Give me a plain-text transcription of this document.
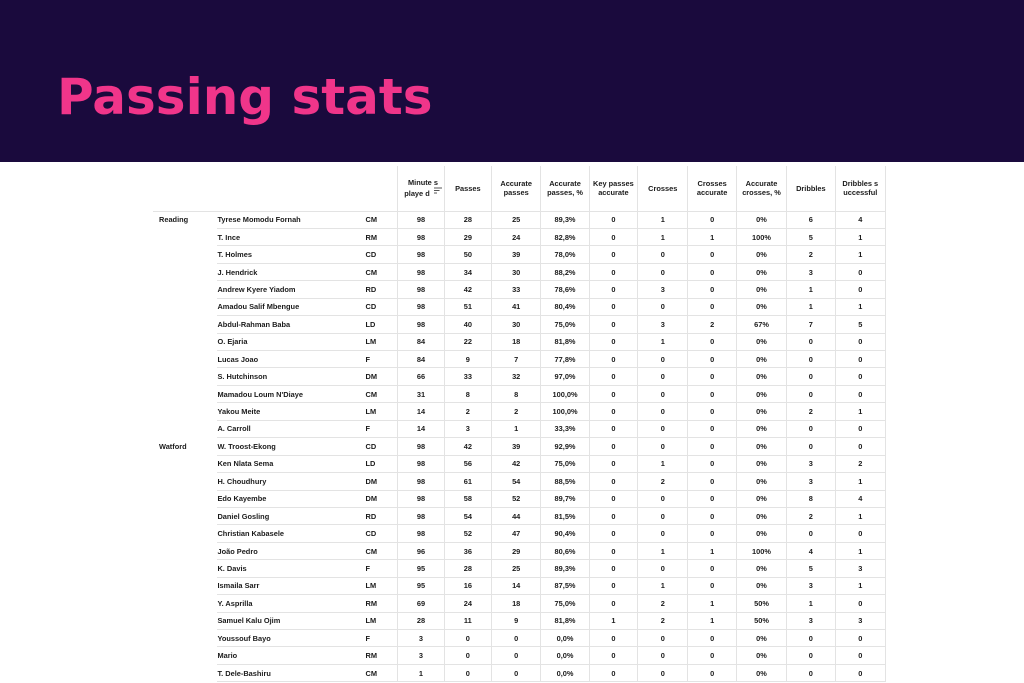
Passing stats
			Minute s playe d	Passes	Accurate passes	Accurate passes, %	Key passes accurate	Crosses	Crosses accurate	Accurate crosses, %	Dribbles	Dribbles s uccessful
Reading	Tyrese Momodu Fornah	CM	98	28	25	89,3%	0	1	0	0%	6	4
	T. Ince	RM	98	29	24	82,8%	0	1	1	100%	5	1
	T. Holmes	CD	98	50	39	78,0%	0	0	0	0%	2	1
	J. Hendrick	CM	98	34	30	88,2%	0	0	0	0%	3	0
	Andrew Kyere Yiadom	RD	98	42	33	78,6%	0	3	0	0%	1	0
	Amadou Salif Mbengue	CD	98	51	41	80,4%	0	0	0	0%	1	1
	Abdul-Rahman Baba	LD	98	40	30	75,0%	0	3	2	67%	7	5
	O. Ejaria	LM	84	22	18	81,8%	0	1	0	0%	0	0
	Lucas Joao	F	84	9	7	77,8%	0	0	0	0%	0	0
	S. Hutchinson	DM	66	33	32	97,0%	0	0	0	0%	0	0
	Mamadou Loum N'Diaye	CM	31	8	8	100,0%	0	0	0	0%	0	0
	Yakou Meite	LM	14	2	2	100,0%	0	0	0	0%	2	1
	A. Carroll	F	14	3	1	33,3%	0	0	0	0%	0	0
Watford	W. Troost-Ekong	CD	98	42	39	92,9%	0	0	0	0%	0	0
	Ken Nlata Sema	LD	98	56	42	75,0%	0	1	0	0%	3	2
	H. Choudhury	DM	98	61	54	88,5%	0	2	0	0%	3	1
	Edo Kayembe	DM	98	58	52	89,7%	0	0	0	0%	8	4
	Daniel Gosling	RD	98	54	44	81,5%	0	0	0	0%	2	1
	Christian Kabasele	CD	98	52	47	90,4%	0	0	0	0%	0	0
	João Pedro	CM	96	36	29	80,6%	0	1	1	100%	4	1
	K. Davis	F	95	28	25	89,3%	0	0	0	0%	5	3
	Ismaila Sarr	LM	95	16	14	87,5%	0	1	0	0%	3	1
	Y. Asprilla	RM	69	24	18	75,0%	0	2	1	50%	1	0
	Samuel Kalu Ojim	LM	28	11	9	81,8%	1	2	1	50%	3	3
	Youssouf Bayo	F	3	0	0	0,0%	0	0	0	0%	0	0
	Mario	RM	3	0	0	0,0%	0	0	0	0%	0	0
	T. Dele-Bashiru	CM	1	0	0	0,0%	0	0	0	0%	0	0
